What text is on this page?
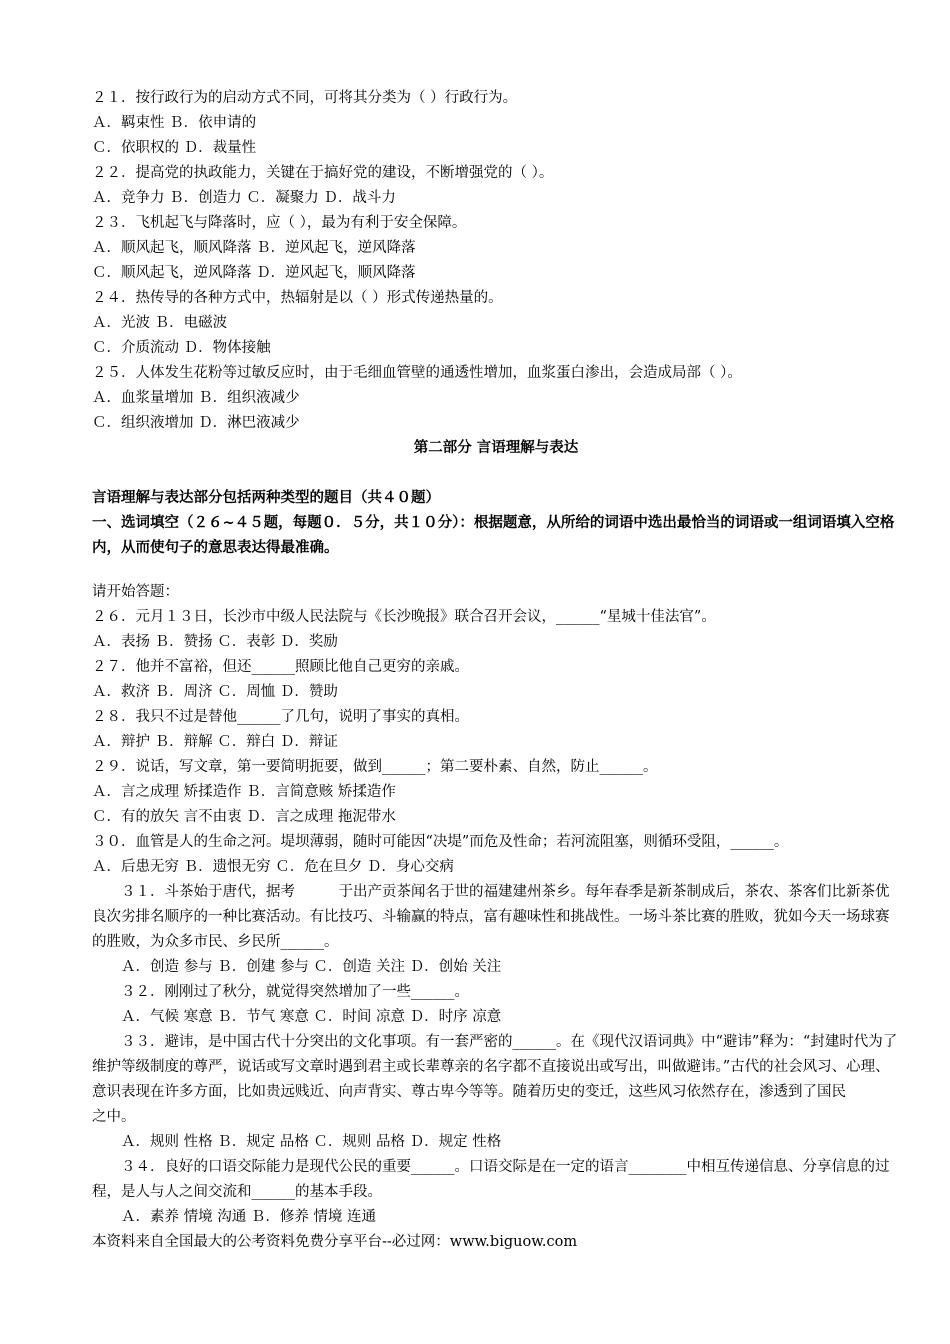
２１．按行政行为的启动方式不同，可将其分类为（ ）行政行为。
Ａ．羁束性 Ｂ．依申请的
Ｃ．依职权的 Ｄ．裁量性
２２．提高党的执政能力，关键在于搞好党的建设，不断增强党的（ ）。
Ａ．竞争力 Ｂ．创造力 Ｃ．凝聚力 Ｄ．战斗力
２３．飞机起飞与降落时，应（ ），最为有利于安全保障。
Ａ．顺风起飞，顺风降落 Ｂ．逆风起飞，逆风降落
Ｃ．顺风起飞，逆风降落 Ｄ．逆风起飞，顺风降落
２４．热传导的各种方式中，热辐射是以（ ）形式传递热量的。
Ａ．光波 Ｂ．电磁波
Ｃ．介质流动 Ｄ．物体接触
２５．人体发生花粉等过敏反应时，由于毛细血管壁的通透性增加，血浆蛋白渗出，会造成局部（ ）。
Ａ．血浆量增加 Ｂ．组织液减少
Ｃ．组织液增加 Ｄ．淋巴液减少
第二部分 言语理解与表达
言语理解与表达部分包括两种类型的题目（共４０题）
一、选词填空（２６~４５题，每题０．５分，共１０分）：根据题意，从所给的词语中选出最恰当的词语或一组词语填入空格内，从而使句子的意思表达得最准确。
请开始答题：
２６．元月１３日，长沙市中级人民法院与《长沙晚报》联合召开会议，______“星城十佳法官”。
Ａ．表扬 Ｂ．赞扬 Ｃ．表彰 Ｄ．奖励
２７．他并不富裕，但还______照顾比他自己更穷的亲戚。
Ａ．救济 Ｂ．周济 Ｃ．周恤 Ｄ．赞助
２８．我只不过是替他______了几句，说明了事实的真相。
Ａ．辩护 Ｂ．辩解 Ｃ．辩白 Ｄ．辩证
２９．说话，写文章，第一要简明扼要，做到______；第二要朴素、自然，防止______。
Ａ．言之成理 矫揉造作 Ｂ．言简意赅 矫揉造作
Ｃ．有的放矢 言不由衷 Ｄ．言之成理 拖泥带水
３０．血管是人的生命之河。堤坝薄弱，随时可能因“决堤”而危及性命；若河流阻塞，则循环受阻，______。
Ａ．后患无穷 Ｂ．遗恨无穷 Ｃ．危在旦夕 Ｄ．身心交病
３１．斗茶始于唐代，据考　　　于出产贡茶闻名于世的福建建州茶乡。每年春季是新茶制成后，茶农、茶客们比新茶优良次劣排名顺序的一种比赛活动。有比技巧、斗输赢的特点，富有趣味性和挑战性。一场斗茶比赛的胜败，犹如今天一场球赛的胜败，为众多市民、乡民所______。
Ａ．创造 参与 Ｂ．创建 参与 Ｃ．创造 关注 Ｄ．创始 关注
３２．刚刚过了秋分，就觉得突然增加了一些______。
Ａ．气候 寒意 Ｂ．节气 寒意 Ｃ．时间 凉意 Ｄ．时序 凉意
３３．避讳，是中国古代十分突出的文化事项。有一套严密的______。在《现代汉语词典》中“避讳”释为：“封建时代为了维护等级制度的尊严，说话或写文章时遇到君主或长辈尊亲的名字都不直接说出或写出，叫做避讳。”古代的社会风习、心理、意识表现在许多方面，比如贵远贱近、向声背实、尊古卑今等等。随着历史的变迁，这些风习依然存在，渗透到了国民　　　之中。
Ａ．规则 性格 Ｂ．规定 品格 Ｃ．规则 品格 Ｄ．规定 性格
３４．良好的口语交际能力是现代公民的重要______。口语交际是在一定的语言________中相互传递信息、分享信息的过程，是人与人之间交流和______的基本手段。
Ａ．素养 情境 沟通 Ｂ．修养 情境 连通
本资料来自全国最大的公考资料免费分享平台--必过网：www.biguow.com
